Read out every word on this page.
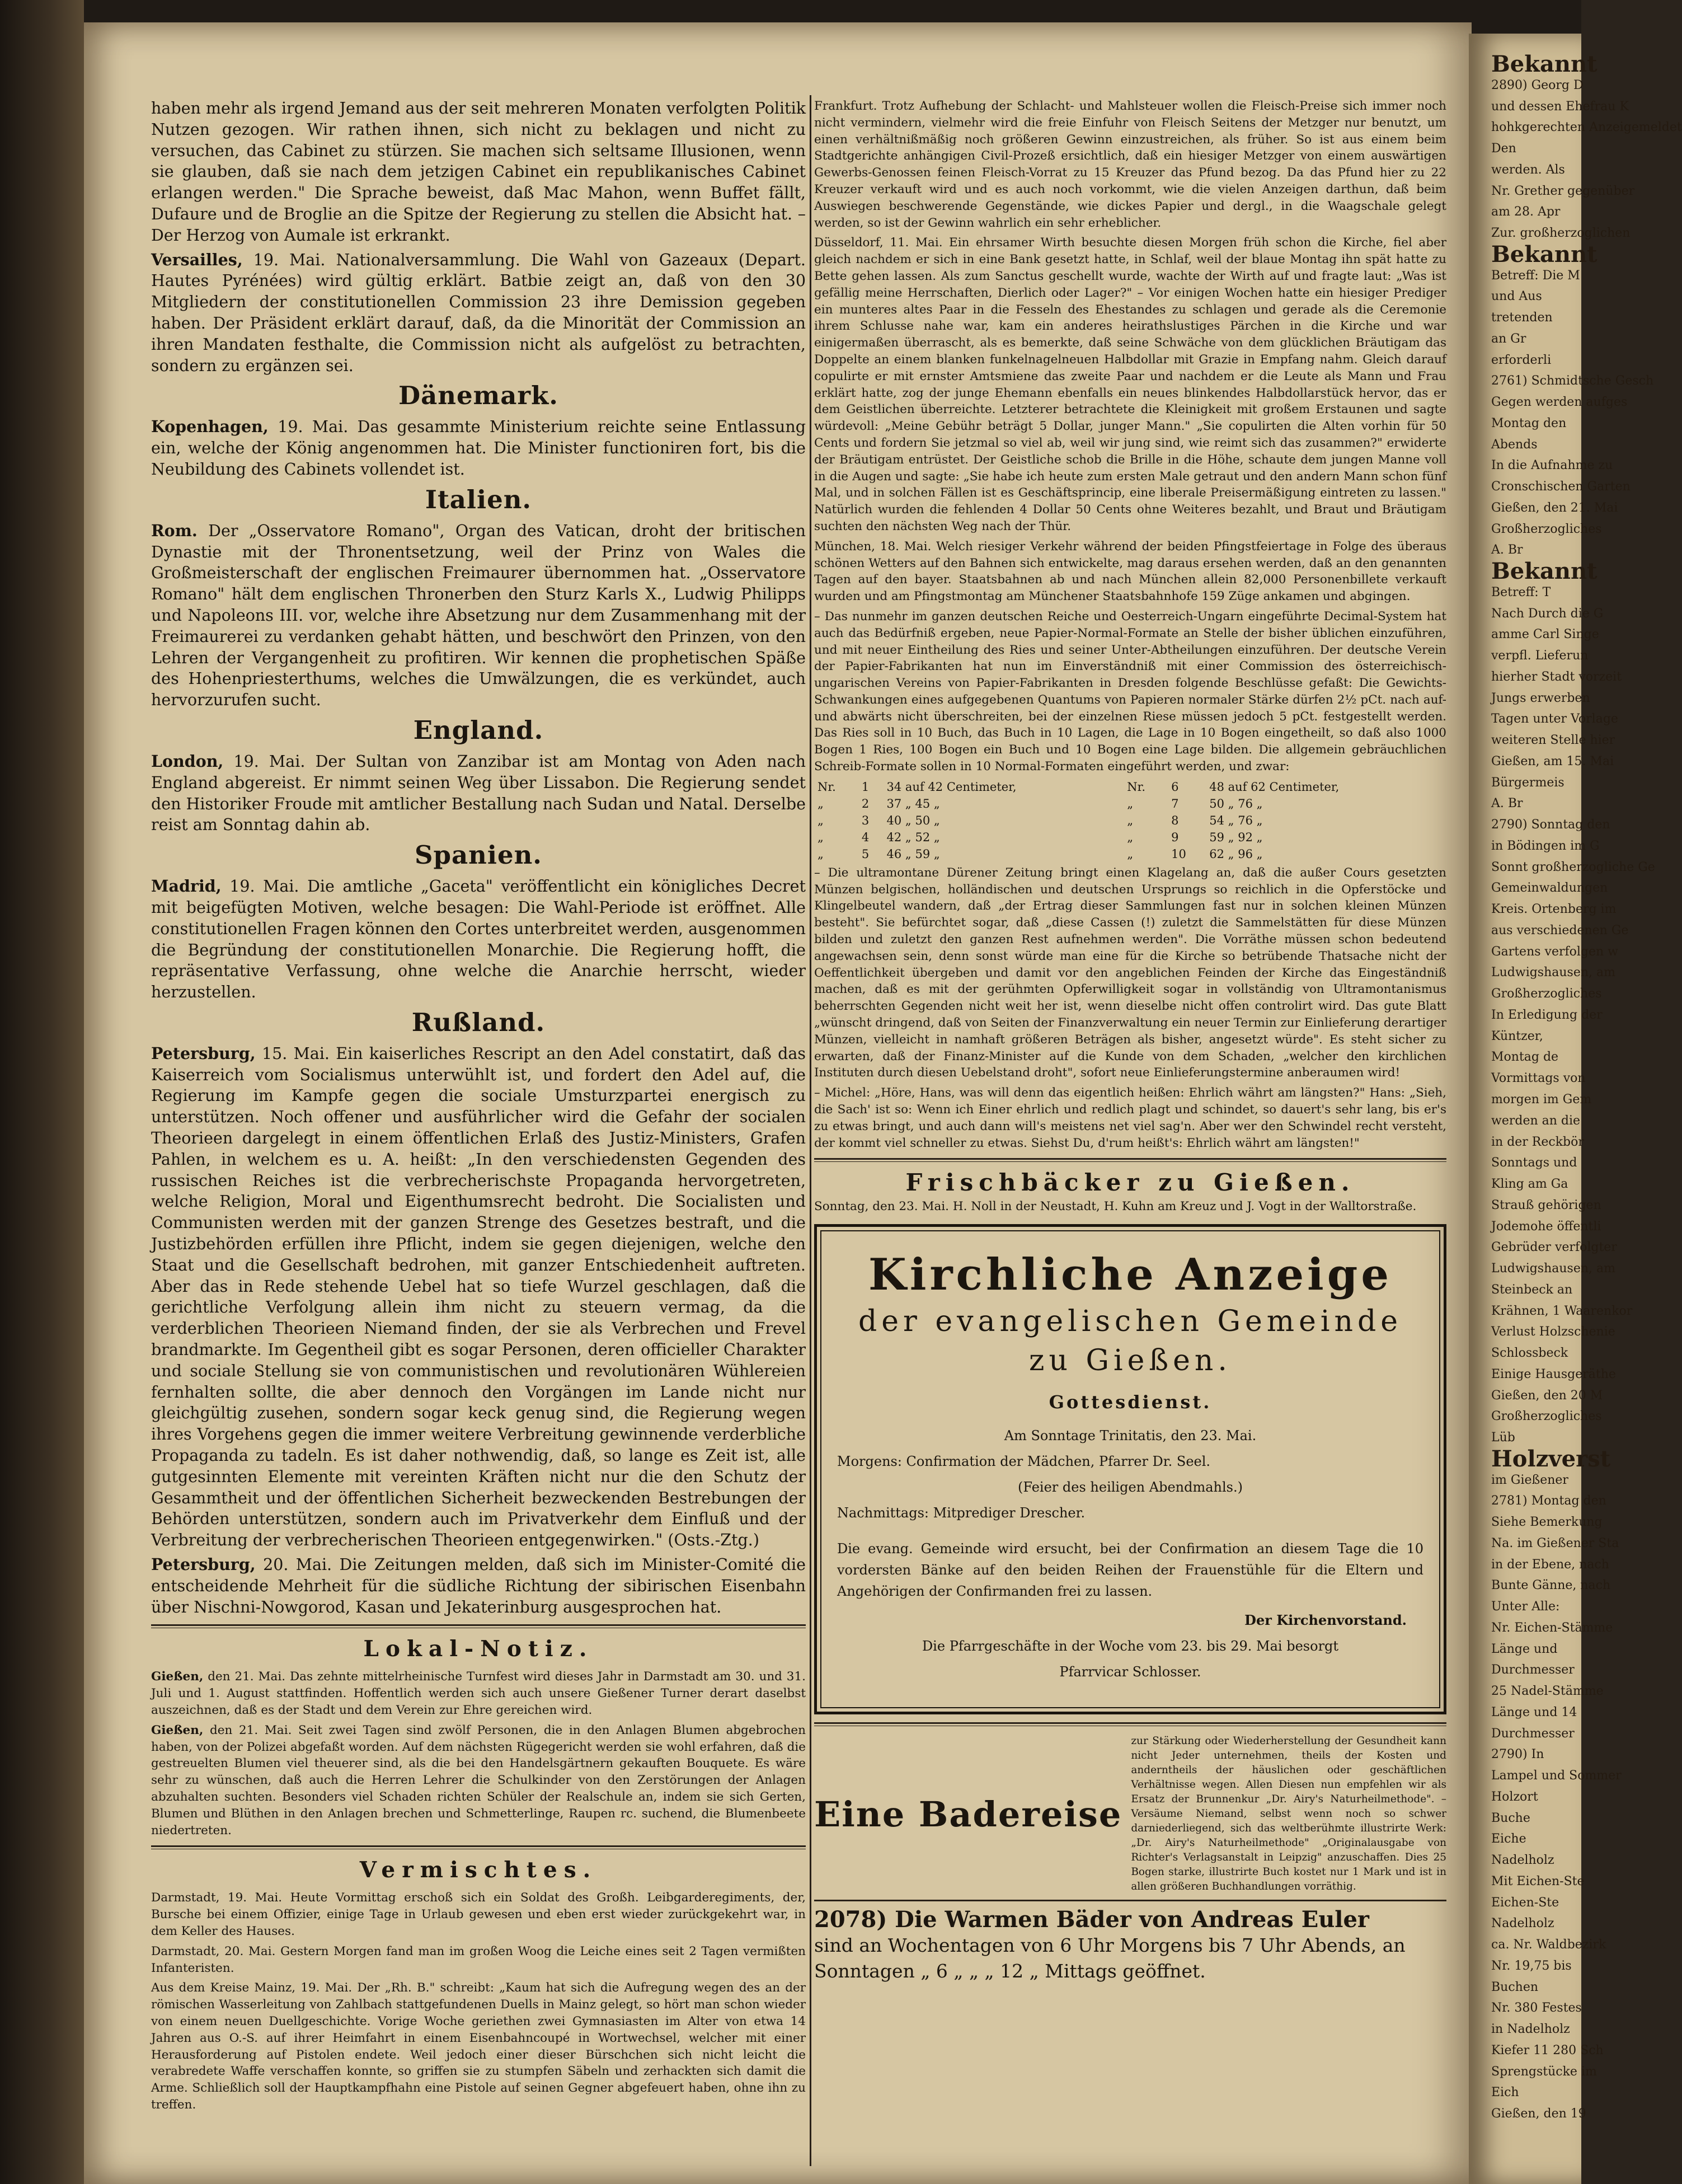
Bekannt
2890) Georg D
und dessen Ehefrau K
hohkgerechten Anzeigemeldet
Den
werden. Als
Nr. Grether gegenüber
am 28. Apr
Zur. großherzoglichen
Bekannt
Betreff: Die M
und Aus
tretenden
an Gr
erforderli
2761) Schmidtsche Gesch
Gegen werden aufges
Montag den
Abends
In die Aufnahme zu
Cronschischen Garten
Gießen, den 21. Mai
Großherzogliches
A. Br
Bekannt
Betreff: T
Nach Durch die G
amme Carl Singe
verpfl. Lieferun
hierher Stadt vorzeit
Jungs erwerben
Tagen unter Vorlage
weiteren Stelle hier
Gießen, am 15. Mai
Bürgermeis
A. Br
2790) Sonntag den
in Bödingen im G
Sonnt großherzogliche Ge
Gemeinwaldungen
Kreis. Ortenberg im
aus verschiedenen Ge
Gartens verfolgen w
Ludwigshausen, am
Großherzogliches
In Erledigung der
Küntzer,
Montag de
Vormittags von
morgen im Gem
werden an die
in der Reckbör
Sonntags und
Kling am Ga
Strauß gehörigen
Jodemohe öffentli
Gebrüder verfolgter
Ludwigshausen, am
Steinbeck an
Krähnen, 1 Waarenkor
Verlust Holzschenie
Schlossbeck
Einige Hausgeräthe
Gießen, den 20 M
Großherzogliches
Lüb
Holzverst
im Gießener
2781) Montag den
Siehe Bemerkung
Na. im Gießener Sta
in der Ebene, nach
Bunte Gänne, nach
Unter Alle:
Nr. Eichen-Stämme
Länge und
Durchmesser
25 Nadel-Stämme
Länge und 14
Durchmesser
2790) In
Lampel und Sommer
Holzort
Buche
Eiche
Nadelholz
Mit Eichen-Ste
Eichen-Ste
Nadelholz
ca. Nr. Waldbezirk
Nr. 19,75 bis
Buchen
Nr. 380 Festes
in Nadelholz
Kiefer 11 280 Sch
Sprengstücke im
Eich
Gießen, den 19

haben mehr als irgend Jemand aus der seit mehreren Monaten verfolgten Politik Nutzen gezogen. Wir rathen ihnen, sich nicht zu beklagen und nicht zu versuchen, das Cabinet zu stürzen. Sie machen sich seltsame Illusionen, wenn sie glauben, daß sie nach dem jetzigen Cabinet ein republikanisches Cabinet erlangen werden." Die Sprache beweist, daß Mac Mahon, wenn Buffet fällt, Dufaure und de Broglie an die Spitze der Regierung zu stellen die Absicht hat. – Der Herzog von Aumale ist erkrankt.

Versailles, 19. Mai. Nationalversammlung. Die Wahl von Gazeaux (Depart. Hautes Pyrénées) wird gültig erklärt. Batbie zeigt an, daß von den 30 Mitgliedern der constitutionellen Commission 23 ihre Demission gegeben haben. Der Präsident erklärt darauf, daß, da die Minorität der Commission an ihren Mandaten festhalte, die Commission nicht als aufgelöst zu betrachten, sondern zu ergänzen sei.

Dänemark.

Kopenhagen, 19. Mai. Das gesammte Ministerium reichte seine Entlassung ein, welche der König angenommen hat. Die Minister functioniren fort, bis die Neubildung des Cabinets vollendet ist.

Italien.

Rom. Der „Osservatore Romano", Organ des Vatican, droht der britischen Dynastie mit der Thronentsetzung, weil der Prinz von Wales die Großmeisterschaft der englischen Freimaurer übernommen hat. „Osservatore Romano" hält dem englischen Thronerben den Sturz Karls X., Ludwig Philipps und Napoleons III. vor, welche ihre Absetzung nur dem Zusammenhang mit der Freimaurerei zu verdanken gehabt hätten, und beschwört den Prinzen, von den Lehren der Vergangenheit zu profitiren. Wir kennen die prophetischen Späße des Hohenpriesterthums, welches die Umwälzungen, die es verkündet, auch hervorzurufen sucht.

England.

London, 19. Mai. Der Sultan von Zanzibar ist am Montag von Aden nach England abgereist. Er nimmt seinen Weg über Lissabon. Die Regierung sendet den Historiker Froude mit amtlicher Bestallung nach Sudan und Natal. Derselbe reist am Sonntag dahin ab.

Spanien.

Madrid, 19. Mai. Die amtliche „Gaceta" veröffentlicht ein königliches Decret mit beigefügten Motiven, welche besagen: Die Wahl-Periode ist eröffnet. Alle constitutionellen Fragen können den Cortes unterbreitet werden, ausgenommen die Begründung der constitutionellen Monarchie. Die Regierung hofft, die repräsentative Verfassung, ohne welche die Anarchie herrscht, wieder herzustellen.

Rußland.

Petersburg, 15. Mai. Ein kaiserliches Rescript an den Adel constatirt, daß das Kaiserreich vom Socialismus unterwühlt ist, und fordert den Adel auf, die Regierung im Kampfe gegen die sociale Umsturzpartei energisch zu unterstützen. Noch offener und ausführlicher wird die Gefahr der socialen Theorieen dargelegt in einem öffentlichen Erlaß des Justiz-Ministers, Grafen Pahlen, in welchem es u. A. heißt: „In den verschiedensten Gegenden des russischen Reiches ist die verbrecherischste Propaganda hervorgetreten, welche Religion, Moral und Eigenthumsrecht bedroht. Die Socialisten und Communisten werden mit der ganzen Strenge des Gesetzes bestraft, und die Justizbehörden erfüllen ihre Pflicht, indem sie gegen diejenigen, welche den Staat und die Gesellschaft bedrohen, mit ganzer Entschiedenheit auftreten. Aber das in Rede stehende Uebel hat so tiefe Wurzel geschlagen, daß die gerichtliche Verfolgung allein ihm nicht zu steuern vermag, da die verderblichen Theorieen Niemand finden, der sie als Verbrechen und Frevel brandmarkte. Im Gegentheil gibt es sogar Personen, deren officieller Charakter und sociale Stellung sie von communistischen und revolutionären Wühlereien fernhalten sollte, die aber dennoch den Vorgängen im Lande nicht nur gleichgültig zusehen, sondern sogar keck genug sind, die Regierung wegen ihres Vorgehens gegen die immer weitere Verbreitung gewinnende verderbliche Propaganda zu tadeln. Es ist daher nothwendig, daß, so lange es Zeit ist, alle gutgesinnten Elemente mit vereinten Kräften nicht nur die den Schutz der Gesammtheit und der öffentlichen Sicherheit bezweckenden Bestrebungen der Behörden unterstützen, sondern auch im Privatverkehr dem Einfluß und der Verbreitung der verbrecherischen Theorieen entgegenwirken." (Osts.-Ztg.)

Petersburg, 20. Mai. Die Zeitungen melden, daß sich im Minister-Comité die entscheidende Mehrheit für die südliche Richtung der sibirischen Eisenbahn über Nischni-Nowgorod, Kasan und Jekaterinburg ausgesprochen hat.

Lokal-Notiz.

Gießen, den 21. Mai. Das zehnte mittelrheinische Turnfest wird dieses Jahr in Darmstadt am 30. und 31. Juli und 1. August stattfinden. Hoffentlich werden sich auch unsere Gießener Turner derart daselbst auszeichnen, daß es der Stadt und dem Verein zur Ehre gereichen wird.

Gießen, den 21. Mai. Seit zwei Tagen sind zwölf Personen, die in den Anlagen Blumen abgebrochen haben, von der Polizei abgefaßt worden. Auf dem nächsten Rügegericht werden sie wohl erfahren, daß die gestreuelten Blumen viel theuerer sind, als die bei den Handelsgärtnern gekauften Bouquete. Es wäre sehr zu wünschen, daß auch die Herren Lehrer die Schulkinder von den Zerstörungen der Anlagen abzuhalten suchten. Besonders viel Schaden richten Schüler der Realschule an, indem sie sich Gerten, Blumen und Blüthen in den Anlagen brechen und Schmetterlinge, Raupen rc. suchend, die Blumenbeete niedertreten.

Vermischtes.

Darmstadt, 19. Mai. Heute Vormittag erschoß sich ein Soldat des Großh. Leibgarderegiments, der, Bursche bei einem Offizier, einige Tage in Urlaub gewesen und eben erst wieder zurückgekehrt war, in dem Keller des Hauses.

Darmstadt, 20. Mai. Gestern Morgen fand man im großen Woog die Leiche eines seit 2 Tagen vermißten Infanteristen.

Aus dem Kreise Mainz, 19. Mai. Der „Rh. B." schreibt: „Kaum hat sich die Aufregung wegen des an der römischen Wasserleitung von Zahlbach stattgefundenen Duells in Mainz gelegt, so hört man schon wieder von einem neuen Duellgeschichte. Vorige Woche geriethen zwei Gymnasiasten im Alter von etwa 14 Jahren aus O.-S. auf ihrer Heimfahrt in einem Eisenbahncoupé in Wortwechsel, welcher mit einer Herausforderung auf Pistolen endete. Weil jedoch einer dieser Bürschchen sich nicht leicht die verabredete Waffe verschaffen konnte, so griffen sie zu stumpfen Säbeln und zerhackten sich damit die Arme. Schließlich soll der Hauptkampfhahn eine Pistole auf seinen Gegner abgefeuert haben, ohne ihn zu treffen.

Frankfurt. Trotz Aufhebung der Schlacht- und Mahlsteuer wollen die Fleisch-Preise sich immer noch nicht vermindern, vielmehr wird die freie Einfuhr von Fleisch Seitens der Metzger nur benutzt, um einen verhältnißmäßig noch größeren Gewinn einzustreichen, als früher. So ist aus einem beim Stadtgerichte anhängigen Civil-Prozeß ersichtlich, daß ein hiesiger Metzger von einem auswärtigen Gewerbs-Genossen feinen Fleisch-Vorrat zu 15 Kreuzer das Pfund bezog. Da das Pfund hier zu 22 Kreuzer verkauft wird und es auch noch vorkommt, wie die vielen Anzeigen darthun, daß beim Auswiegen beschwerende Gegenstände, wie dickes Papier und dergl., in die Waagschale gelegt werden, so ist der Gewinn wahrlich ein sehr erheblicher.

Düsseldorf, 11. Mai. Ein ehrsamer Wirth besuchte diesen Morgen früh schon die Kirche, fiel aber gleich nachdem er sich in eine Bank gesetzt hatte, in Schlaf, weil der blaue Montag ihn spät hatte zu Bette gehen lassen. Als zum Sanctus geschellt wurde, wachte der Wirth auf und fragte laut: „Was ist gefällig meine Herrschaften, Dierlich oder Lager?" – Vor einigen Wochen hatte ein hiesiger Prediger ein munteres altes Paar in die Fesseln des Ehestandes zu schlagen und gerade als die Ceremonie ihrem Schlusse nahe war, kam ein anderes heirathslustiges Pärchen in die Kirche und war einigermaßen überrascht, als es bemerkte, daß seine Schwäche von dem glücklichen Bräutigam das Doppelte an einem blanken funkelnagelneuen Halbdollar mit Grazie in Empfang nahm. Gleich darauf copulirte er mit ernster Amtsmiene das zweite Paar und nachdem er die Leute als Mann und Frau erklärt hatte, zog der junge Ehemann ebenfalls ein neues blinkendes Halbdollarstück hervor, das er dem Geistlichen überreichte. Letzterer betrachtete die Kleinigkeit mit großem Erstaunen und sagte würdevoll: „Meine Gebühr beträgt 5 Dollar, junger Mann." „Sie copulirten die Alten vorhin für 50 Cents und fordern Sie jetzmal so viel ab, weil wir jung sind, wie reimt sich das zusammen?" erwiderte der Bräutigam entrüstet. Der Geistliche schob die Brille in die Höhe, schaute dem jungen Manne voll in die Augen und sagte: „Sie habe ich heute zum ersten Male getraut und den andern Mann schon fünf Mal, und in solchen Fällen ist es Geschäftsprincip, eine liberale Preisermäßigung eintreten zu lassen." Natürlich wurden die fehlenden 4 Dollar 50 Cents ohne Weiteres bezahlt, und Braut und Bräutigam suchten den nächsten Weg nach der Thür.

München, 18. Mai. Welch riesiger Verkehr während der beiden Pfingstfeiertage in Folge des überaus schönen Wetters auf den Bahnen sich entwickelte, mag daraus ersehen werden, daß an den genannten Tagen auf den bayer. Staatsbahnen ab und nach München allein 82,000 Personenbillete verkauft wurden und am Pfingstmontag am Münchener Staatsbahnhofe 159 Züge ankamen und abgingen.

– Das nunmehr im ganzen deutschen Reiche und Oesterreich-Ungarn eingeführte Decimal-System hat auch das Bedürfniß ergeben, neue Papier-Normal-Formate an Stelle der bisher üblichen einzuführen, und mit neuer Eintheilung des Ries und seiner Unter-Abtheilungen einzuführen. Der deutsche Verein der Papier-Fabrikanten hat nun im Einverständniß mit einer Commission des österreichisch-ungarischen Vereins von Papier-Fabrikanten in Dresden folgende Beschlüsse gefaßt: Die Gewichts-Schwankungen eines aufgegebenen Quantums von Papieren normaler Stärke dürfen 2½ pCt. nach auf- und abwärts nicht überschreiten, bei der einzelnen Riese müssen jedoch 5 pCt. festgestellt werden. Das Ries soll in 10 Buch, das Buch in 10 Lagen, die Lage in 10 Bogen eingetheilt, so daß also 1000 Bogen 1 Ries, 100 Bogen ein Buch und 10 Bogen eine Lage bilden. Die allgemein gebräuchlichen Schreib-Formate sollen in 10 Normal-Formaten eingeführt werden, und zwar:

Nr.	1	34 auf 42 Centimeter,	Nr.	6	48 auf 62 Centimeter,
„	2	37 „ 45 „	„	7	50 „ 76 „
„	3	40 „ 50 „	„	8	54 „ 76 „
„	4	42 „ 52 „	„	9	59 „ 92 „
„	5	46 „ 59 „	„	10	62 „ 96 „

– Die ultramontane Dürener Zeitung bringt einen Klagelang an, daß die außer Cours gesetzten Münzen belgischen, holländischen und deutschen Ursprungs so reichlich in die Opferstöcke und Klingelbeutel wandern, daß „der Ertrag dieser Sammlungen fast nur in solchen kleinen Münzen besteht". Sie befürchtet sogar, daß „diese Cassen (!) zuletzt die Sammelstätten für diese Münzen bilden und zuletzt den ganzen Rest aufnehmen werden". Die Vorräthe müssen schon bedeutend angewachsen sein, denn sonst würde man eine für die Kirche so betrübende Thatsache nicht der Oeffentlichkeit übergeben und damit vor den angeblichen Feinden der Kirche das Eingeständniß machen, daß es mit der gerühmten Opferwilligkeit sogar in vollständig von Ultramontanismus beherrschten Gegenden nicht weit her ist, wenn dieselbe nicht offen controlirt wird. Das gute Blatt „wünscht dringend, daß von Seiten der Finanzverwaltung ein neuer Termin zur Einlieferung derartiger Münzen, vielleicht in namhaft größeren Beträgen als bisher, angesetzt würde". Es steht sicher zu erwarten, daß der Finanz-Minister auf die Kunde von dem Schaden, „welcher den kirchlichen Instituten durch diesen Uebelstand droht", sofort neue Einlieferungstermine anberaumen wird!

– Michel: „Höre, Hans, was will denn das eigentlich heißen: Ehrlich währt am längsten?" Hans: „Sieh, die Sach' ist so: Wenn ich Einer ehrlich und redlich plagt und schindet, so dauert's sehr lang, bis er's zu etwas bringt, und auch dann will's meistens net viel sag'n. Aber wer den Schwindel recht versteht, der kommt viel schneller zu etwas. Siehst Du, d'rum heißt's: Ehrlich währt am längsten!"

Frischbäcker zu Gießen.

Sonntag, den 23. Mai. H. Noll in der Neustadt, H. Kuhn am Kreuz und J. Vogt in der Walltorstraße.

Kirchliche Anzeige
der evangelischen Gemeinde zu Gießen.
Gottesdienst.
Am Sonntage Trinitatis, den 23. Mai.
Morgens: Confirmation der Mädchen, Pfarrer Dr. Seel.
(Feier des heiligen Abendmahls.)
Nachmittags: Mitprediger Drescher.
Die evang. Gemeinde wird ersucht, bei der Confirmation an diesem Tage die 10 vordersten Bänke auf den beiden Reihen der Frauenstühle für die Eltern und Angehörigen der Confirmanden frei zu lassen.
Der Kirchenvorstand.
Die Pfarrgeschäfte in der Woche vom 23. bis 29. Mai besorgt
Pfarrvicar Schlosser.
Eine Badereise
zur Stärkung oder Wiederherstellung der Gesundheit kann nicht Jeder unternehmen, theils der Kosten und anderntheils der häuslichen oder geschäftlichen Verhältnisse wegen. Allen Diesen nun empfehlen wir als Ersatz der Brunnenkur „Dr. Airy's Naturheilmethode". – Versäume Niemand, selbst wenn noch so schwer darniederliegend, sich das weltberühmte illustrirte Werk: „Dr. Airy's Naturheilmethode" „Originalausgabe von Richter's Verlagsanstalt in Leipzig" anzuschaffen. Dies 25 Bogen starke, illustrirte Buch kostet nur 1 Mark und ist in allen größeren Buchhandlungen vorräthig.
2078) Die Warmen Bäder von Andreas Euler
sind an Wochentagen von 6 Uhr Morgens bis 7 Uhr Abends, an
Sonntagen „ 6 „ „ „ 12 „ Mittags geöffnet.
